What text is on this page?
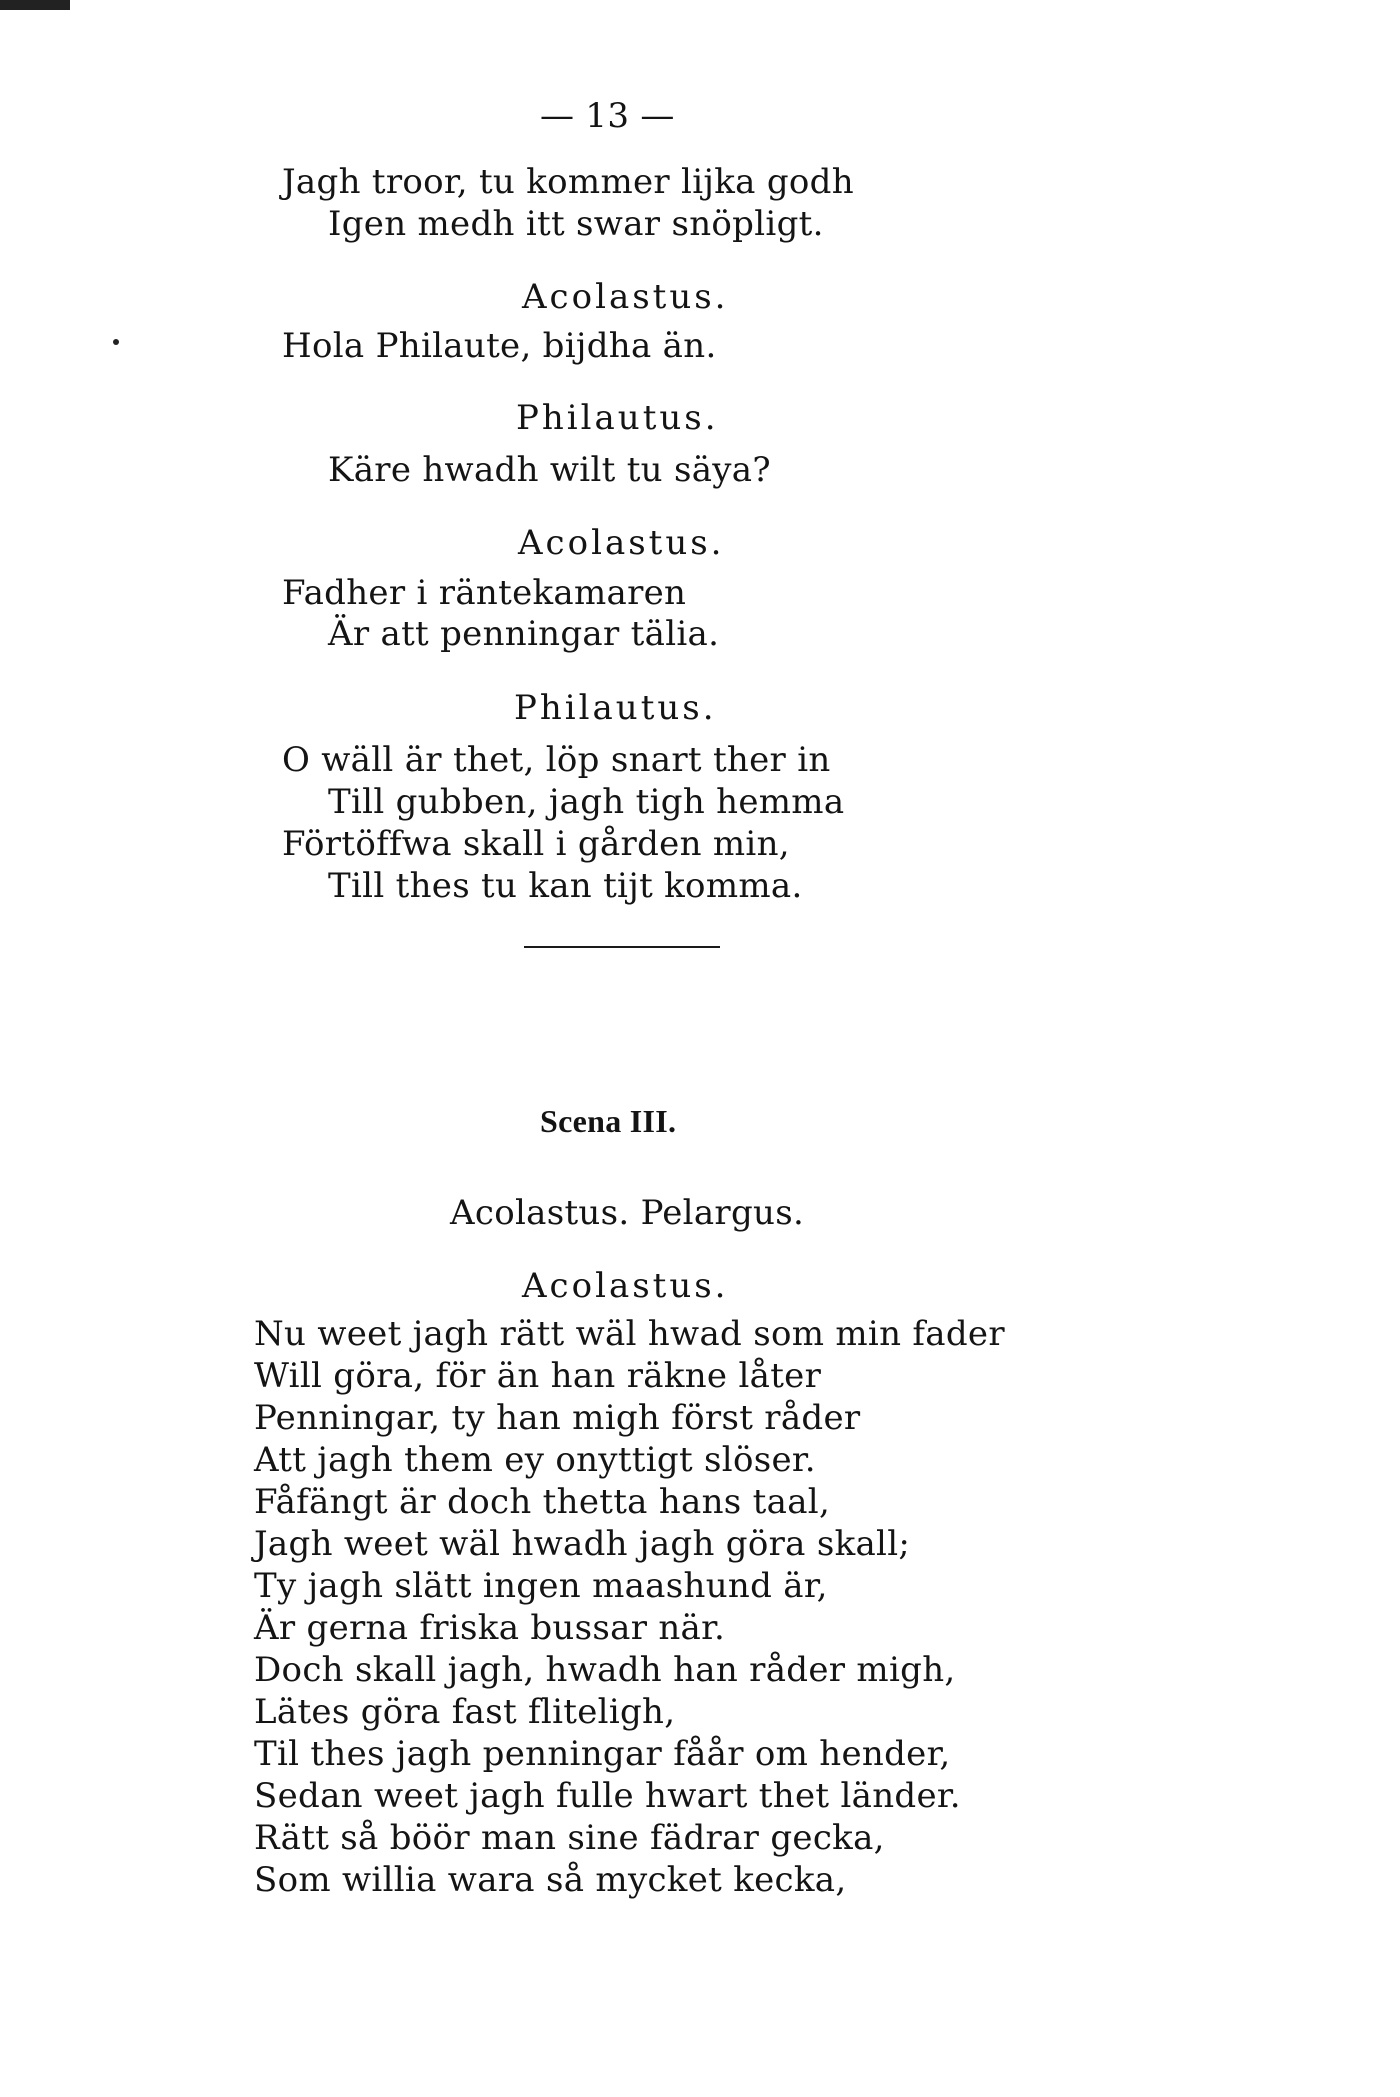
— 13 —
Jagh troor, tu kommer lijka godh
Igen medh itt swar snöpligt.
Acolastus.
Hola Philaute, bijdha än.
Philautus.
Käre hwadh wilt tu säya?
Acolastus.
Fadher i räntekamaren
Är att penningar tälia.
Philautus.
O wäll är thet, löp snart ther in
Till gubben, jagh tigh hemma
Förtöffwa skall i gården min,
Till thes tu kan tijt komma.
Scena III.
Acolastus. Pelargus.
Acolastus.
Nu weet jagh rätt wäl hwad som min fader
Will göra, för än han räkne låter
Penningar, ty han migh först råder
Att jagh them ey onyttigt slöser.
Fåfängt är doch thetta hans taal,
Jagh weet wäl hwadh jagh göra skall;
Ty jagh slätt ingen maashund är,
Är gerna friska bussar när.
Doch skall jagh, hwadh han råder migh,
Lätes göra fast fliteligh,
Til thes jagh penningar fåår om hender,
Sedan weet jagh fulle hwart thet länder.
Rätt så böör man sine fädrar gecka,
Som willia wara så mycket kecka,
